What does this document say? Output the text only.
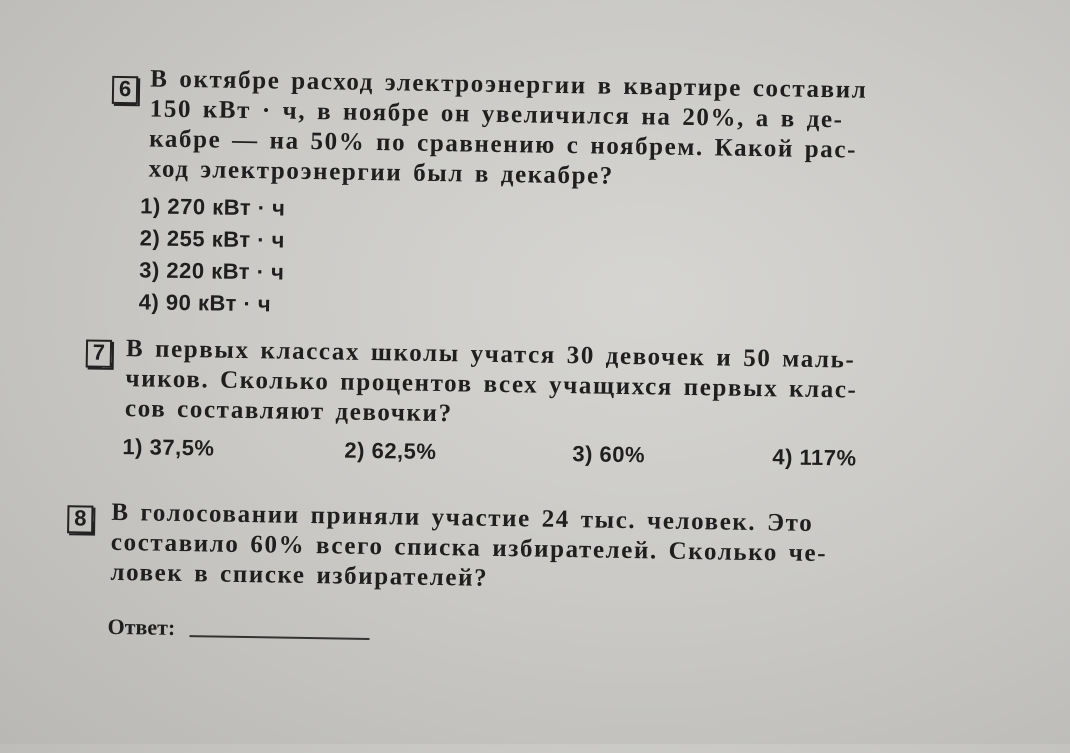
6 В октябре расход электроэнергии в квартире составил
150 кВт · ч, в ноябре он увеличился на 20%, а в де-
кабре — на 50% по сравнению с ноябрем. Какой рас-
ход электроэнергии был в декабре?
1) 270 кВт · ч
2) 255 кВт · ч
3) 220 кВт · ч
4) 90 кВт · ч
7 В первых классах школы учатся 30 девочек и 50 маль-
чиков. Сколько процентов всех учащихся первых клас-
сов составляют девочки?
1) 37,5%	2) 62,5%	3) 60%	4) 117%
8 В голосовании приняли участие 24 тыс. человек. Это
составило 60% всего списка избирателей. Сколько че-
ловек в списке избирателей?
Ответ:
